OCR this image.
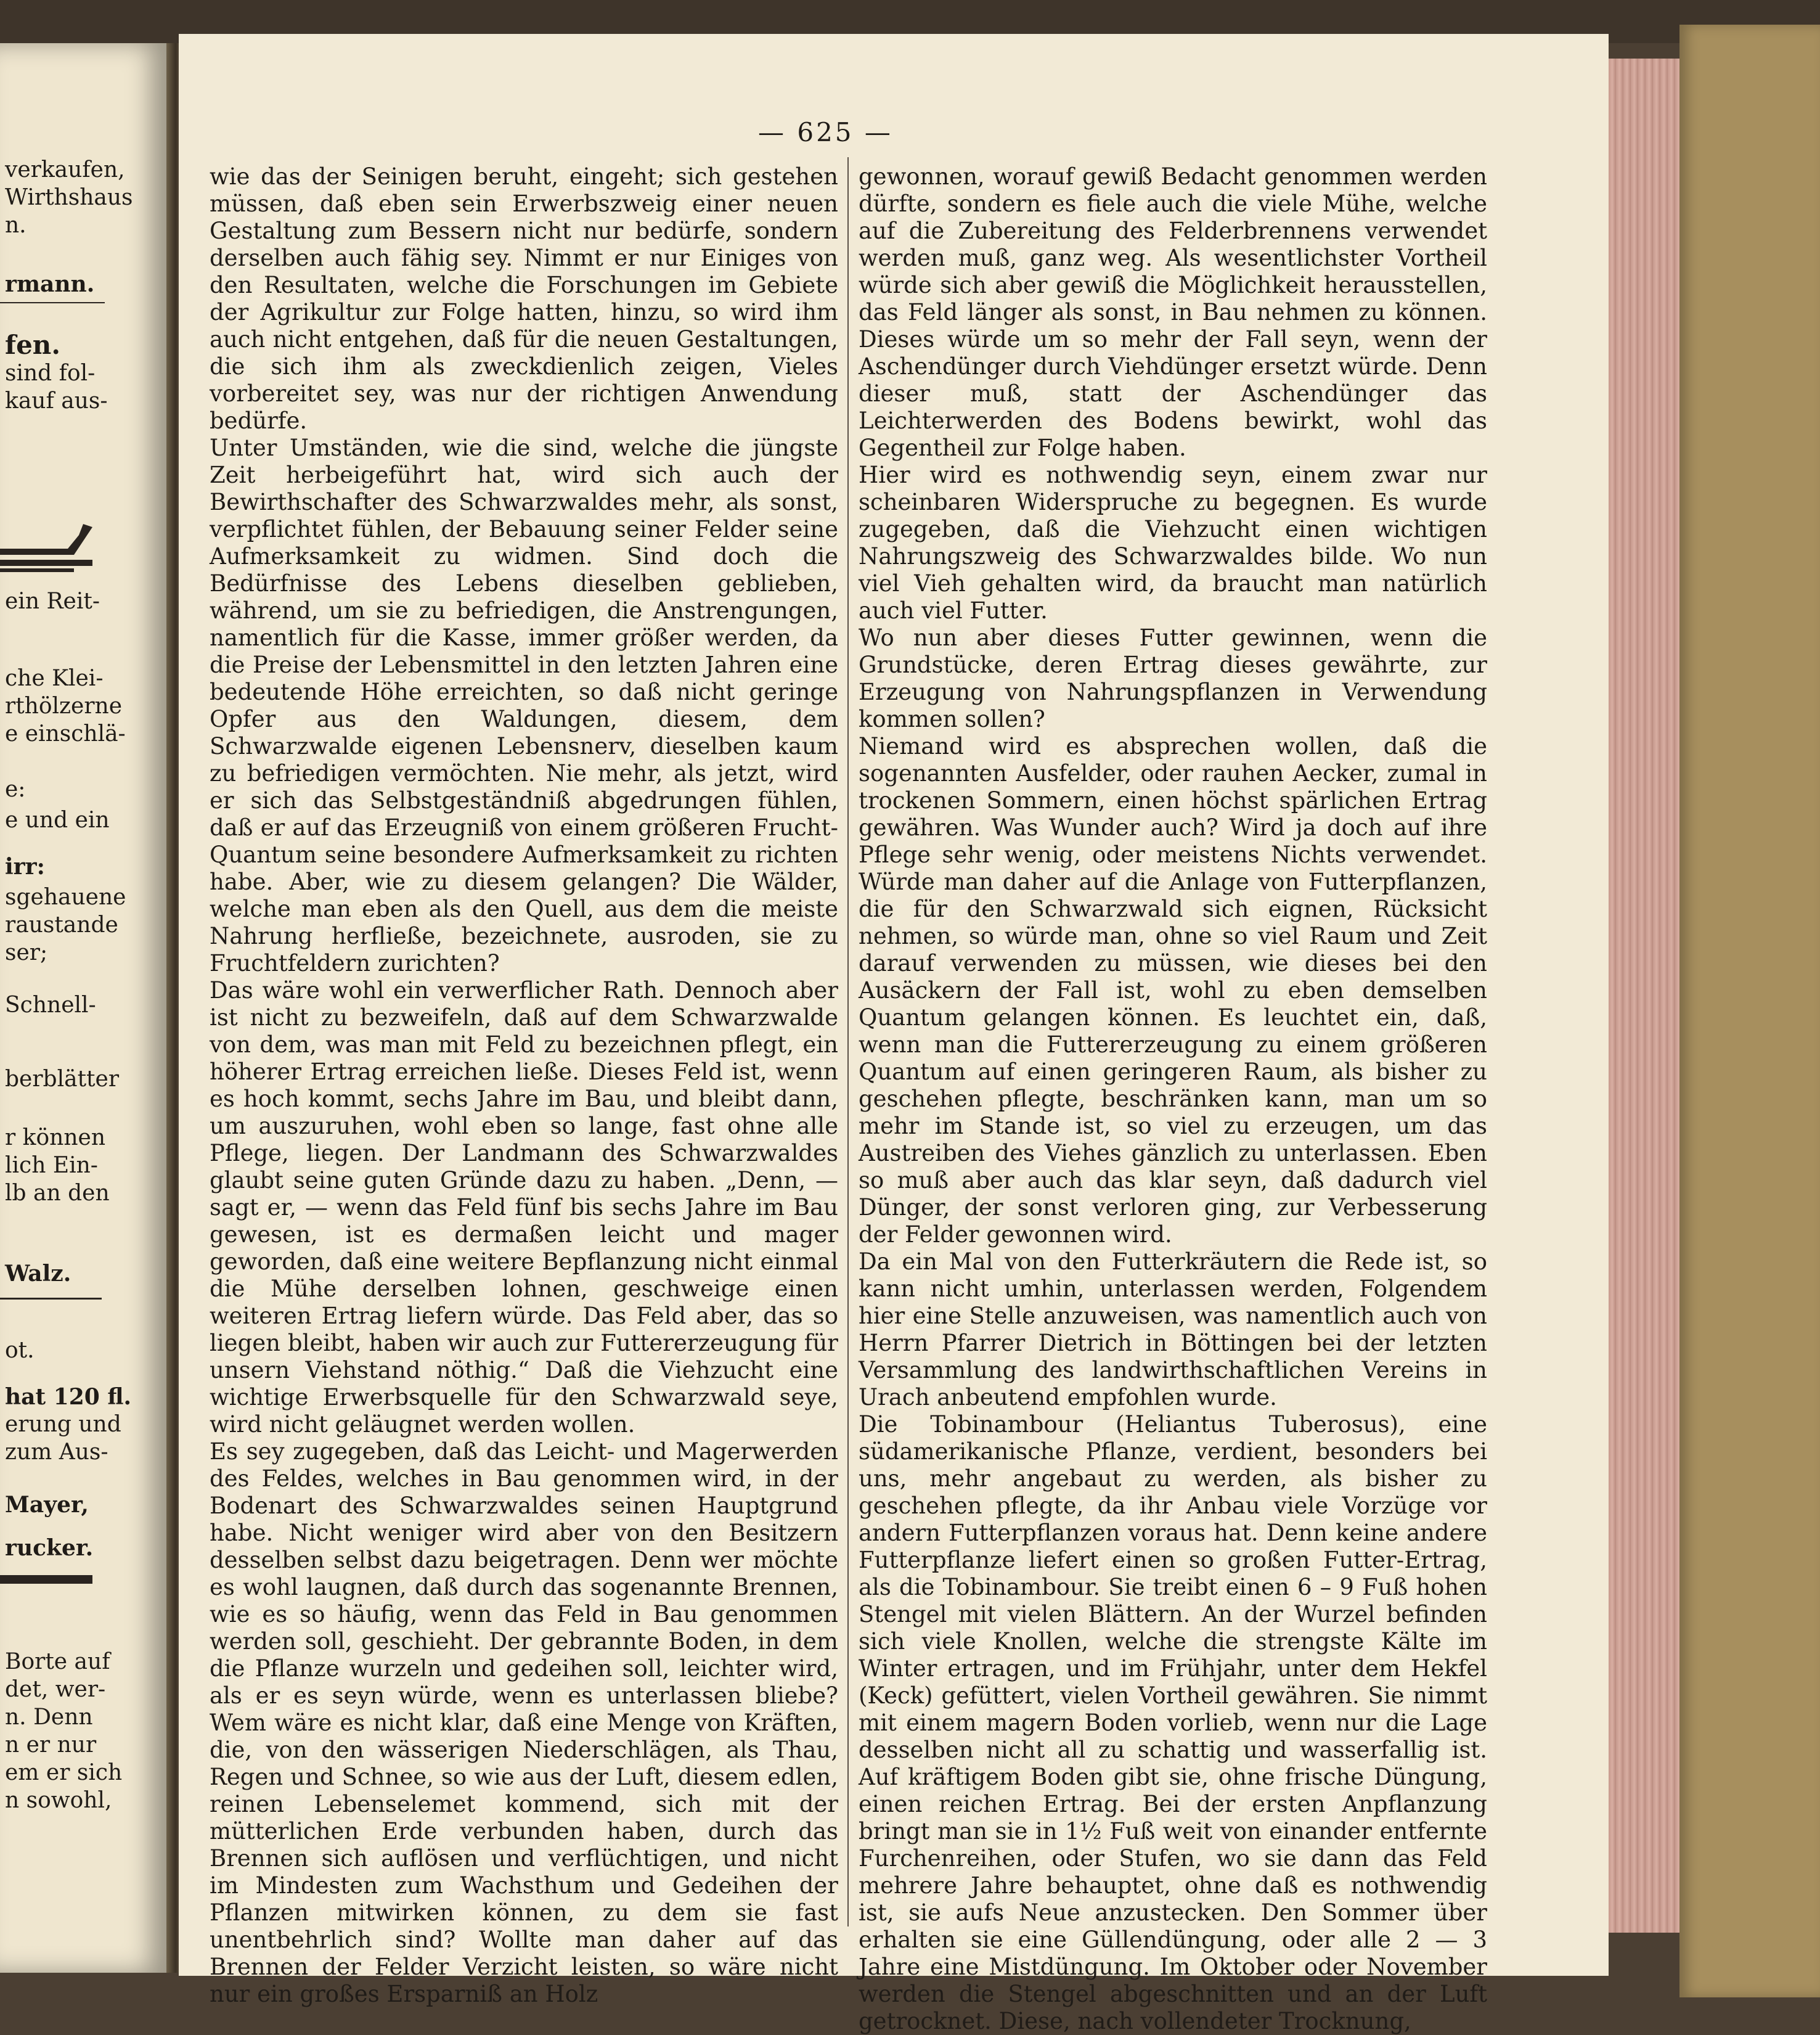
verkaufen,
Wirthshaus
n.
rmann.
fen.
sind fol-
kauf aus-
ein Reit-
che Klei-
rthölzerne
e einschlä-
e:
e und ein
irr:
sgehauene
raustande
ser;
Schnell-
berblätter
r können
lich Ein-
lb an den
Walz.
ot.
hat 120 fl.
erung und
zum Aus-
Mayer,
rucker.
Borte auf
det, wer-
n. Denn
n er nur
em er sich
n sowohl,
— 625 —

wie das der Seinigen beruht, eingeht; sich gestehen müssen, daß eben sein Erwerbszweig einer neuen Gestaltung zum Bessern nicht nur bedürfe, sondern derselben auch fähig sey. Nimmt er nur Einiges von den Resultaten, welche die Forschungen im Gebiete der Agrikultur zur Folge hatten, hinzu, so wird ihm auch nicht entgehen, daß für die neuen Gestaltungen, die sich ihm als zweckdienlich zeigen, Vieles vorbereitet sey, was nur der richtigen Anwendung bedürfe.

Unter Umständen, wie die sind, welche die jüngste Zeit herbeigeführt hat, wird sich auch der Bewirthschafter des Schwarzwaldes mehr, als sonst, verpflichtet fühlen, der Bebauung seiner Felder seine Aufmerksamkeit zu widmen. Sind doch die Bedürfnisse des Lebens dieselben geblieben, während, um sie zu befriedigen, die Anstrengungen, namentlich für die Kasse, immer größer werden, da die Preise der Lebensmittel in den letzten Jahren eine bedeutende Höhe erreichten, so daß nicht geringe Opfer aus den Waldungen, diesem, dem Schwarzwalde eigenen Lebensnerv, dieselben kaum zu befriedigen vermöchten. Nie mehr, als jetzt, wird er sich das Selbstgeständniß abgedrungen fühlen, daß er auf das Erzeugniß von einem größeren Frucht-Quantum seine besondere Aufmerksamkeit zu richten habe. Aber, wie zu diesem gelangen? Die Wälder, welche man eben als den Quell, aus dem die meiste Nahrung herfließe, bezeichnete, ausroden, sie zu Fruchtfeldern zurichten?

Das wäre wohl ein verwerflicher Rath. Dennoch aber ist nicht zu bezweifeln, daß auf dem Schwarzwalde von dem, was man mit Feld zu bezeichnen pflegt, ein höherer Ertrag erreichen ließe. Dieses Feld ist, wenn es hoch kommt, sechs Jahre im Bau, und bleibt dann, um auszuruhen, wohl eben so lange, fast ohne alle Pflege, liegen. Der Landmann des Schwarzwaldes glaubt seine guten Gründe dazu zu haben. „Denn, — sagt er, — wenn das Feld fünf bis sechs Jahre im Bau gewesen, ist es dermaßen leicht und mager geworden, daß eine weitere Bepflanzung nicht einmal die Mühe derselben lohnen, geschweige einen weiteren Ertrag liefern würde. Das Feld aber, das so liegen bleibt, haben wir auch zur Futtererzeugung für unsern Viehstand nöthig.“ Daß die Viehzucht eine wichtige Erwerbsquelle für den Schwarzwald seye, wird nicht geläugnet werden wollen.

Es sey zugegeben, daß das Leicht- und Magerwerden des Feldes, welches in Bau genommen wird, in der Bodenart des Schwarzwaldes seinen Hauptgrund habe. Nicht weniger wird aber von den Besitzern desselben selbst dazu beigetragen. Denn wer möchte es wohl laugnen, daß durch das sogenannte Brennen, wie es so häufig, wenn das Feld in Bau genommen werden soll, geschieht. Der gebrannte Boden, in dem die Pflanze wurzeln und gedeihen soll, leichter wird, als er es seyn würde, wenn es unterlassen bliebe? Wem wäre es nicht klar, daß eine Menge von Kräften, die, von den wässerigen Niederschlägen, als Thau, Regen und Schnee, so wie aus der Luft, diesem edlen, reinen Lebenselemet kommend, sich mit der mütterlichen Erde verbunden haben, durch das Brennen sich auflösen und verflüchtigen, und nicht im Mindesten zum Wachsthum und Gedeihen der Pflanzen mitwirken können, zu dem sie fast unentbehrlich sind? Wollte man daher auf das Brennen der Felder Verzicht leisten, so wäre nicht nur ein großes Ersparniß an Holz

gewonnen, worauf gewiß Bedacht genommen werden dürfte, sondern es fiele auch die viele Mühe, welche auf die Zubereitung des Felderbrennens verwendet werden muß, ganz weg. Als wesentlichster Vortheil würde sich aber gewiß die Möglichkeit herausstellen, das Feld länger als sonst, in Bau nehmen zu können. Dieses würde um so mehr der Fall seyn, wenn der Aschendünger durch Viehdünger ersetzt würde. Denn dieser muß, statt der Aschendünger das Leichterwerden des Bodens bewirkt, wohl das Gegentheil zur Folge haben.

Hier wird es nothwendig seyn, einem zwar nur scheinbaren Widerspruche zu begegnen. Es wurde zugegeben, daß die Viehzucht einen wichtigen Nahrungszweig des Schwarzwaldes bilde. Wo nun viel Vieh gehalten wird, da braucht man natürlich auch viel Futter.

Wo nun aber dieses Futter gewinnen, wenn die Grundstücke, deren Ertrag dieses gewährte, zur Erzeugung von Nahrungspflanzen in Verwendung kommen sollen?

Niemand wird es absprechen wollen, daß die sogenannten Ausfelder, oder rauhen Aecker, zumal in trockenen Sommern, einen höchst spärlichen Ertrag gewähren. Was Wunder auch? Wird ja doch auf ihre Pflege sehr wenig, oder meistens Nichts verwendet. Würde man daher auf die Anlage von Futterpflanzen, die für den Schwarzwald sich eignen, Rücksicht nehmen, so würde man, ohne so viel Raum und Zeit darauf verwenden zu müssen, wie dieses bei den Ausäckern der Fall ist, wohl zu eben demselben Quantum gelangen können. Es leuchtet ein, daß, wenn man die Futtererzeugung zu einem größeren Quantum auf einen geringeren Raum, als bisher zu geschehen pflegte, beschränken kann, man um so mehr im Stande ist, so viel zu erzeugen, um das Austreiben des Viehes gänzlich zu unterlassen. Eben so muß aber auch das klar seyn, daß dadurch viel Dünger, der sonst verloren ging, zur Verbesserung der Felder gewonnen wird.

Da ein Mal von den Futterkräutern die Rede ist, so kann nicht umhin, unterlassen werden, Folgendem hier eine Stelle anzuweisen, was namentlich auch von Herrn Pfarrer Dietrich in Böttingen bei der letzten Versammlung des landwirthschaftlichen Vereins in Urach anbeutend empfohlen wurde.

Die Tobinambour (Heliantus Tuberosus), eine südamerikanische Pflanze, verdient, besonders bei uns, mehr angebaut zu werden, als bisher zu geschehen pflegte, da ihr Anbau viele Vorzüge vor andern Futterpflanzen voraus hat. Denn keine andere Futterpflanze liefert einen so großen Futter-Ertrag, als die Tobinambour. Sie treibt einen 6 – 9 Fuß hohen Stengel mit vielen Blättern. An der Wurzel befinden sich viele Knollen, welche die strengste Kälte im Winter ertragen, und im Frühjahr, unter dem Hekfel (Keck) gefüttert, vielen Vortheil gewähren. Sie nimmt mit einem magern Boden vorlieb, wenn nur die Lage desselben nicht all zu schattig und wasserfallig ist. Auf kräftigem Boden gibt sie, ohne frische Düngung, einen reichen Ertrag. Bei der ersten Anpflanzung bringt man sie in 1½ Fuß weit von einander entfernte Furchenreihen, oder Stufen, wo sie dann das Feld mehrere Jahre behauptet, ohne daß es nothwendig ist, sie aufs Neue anzustecken. Den Sommer über erhalten sie eine Güllendüngung, oder alle 2 — 3 Jahre eine Mistdüngung. Im Oktober oder November werden die Stengel abgeschnitten und an der Luft getrocknet. Diese, nach vollendeter Trocknung,
